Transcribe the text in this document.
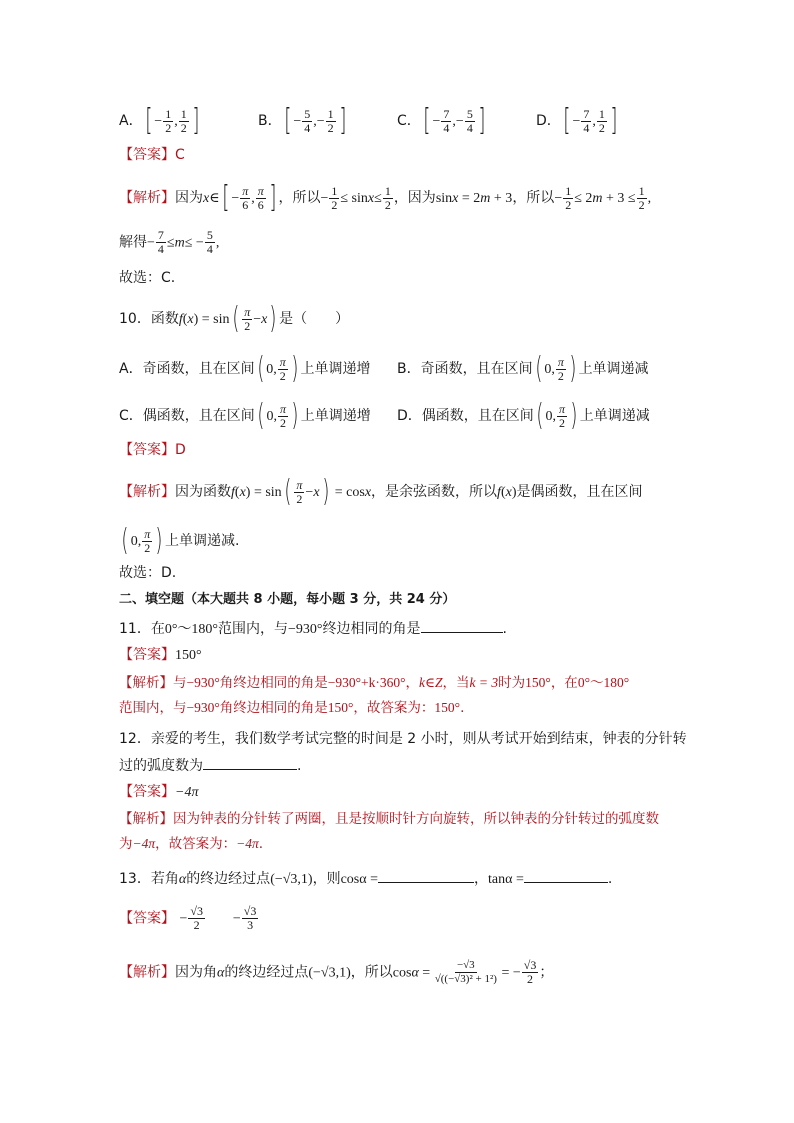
A．[ − $\frac{1}{2}$ , $\frac{1}{2}$ ]	B．[ − $\frac{5}{4}$ ,− $\frac{1}{2}$ ]	C．[ − $\frac{7}{4}$ ,− $\frac{5}{4}$ ]	D．[ − $\frac{7}{4}$ , $\frac{1}{2}$ ]
【答案】C
【解析】因为x∈[ − $\frac{\pi}{6}$ , $\frac{\pi}{6}$ ] ，所以− $\frac{1}{2} \le \sin x\le \frac{1}{2}$ ，因为sinx = 2m + 3，所以− $\frac{1}{2} \le 2m + 3 \le \frac{1}{2}$ ,
解得− $\frac{7}{4} \le m\le - \frac{5}{4}$ ,
故选：C.
10．函数$f(x) = \sin( \frac{\pi}{2} -x)$ 是（　　）
A．奇函数，且在区间( 0, $\frac{\pi}{2}$ ) 上单调递增 B．奇函数，且在区间( 0, $\frac{\pi}{2}$ ) 上单调递减
C．偶函数，且在区间( 0, $\frac{\pi}{2}$ ) 上单调递增 D．偶函数，且在区间( 0, $\frac{\pi}{2}$ ) 上单调递减
【答案】D
【解析】因为函数$f(x) = \sin( \frac{\pi}{2} -x) = \cos x$，是余弦函数，所以f(x)是偶函数，且在区间
( 0, $\frac{\pi}{2}$ ) 上单调递减.
故选：D.
二、填空题（本大题共 8 小题，每小题 3 分，共 24 分）
11．在0°～180°范围内，与−930°终边相同的角是	.
【答案】150°
【解析】与−930°角终边相同的角是−930°+k·360°，k∈Z，当k = 3时为150°，在0°～180°
范围内，与−930°角终边相同的角是150°，故答案为：150°.
12．亲爱的考生，我们数学考试完整的时间是 2 小时，则从考试开始到结束，钟表的分针转
过的弧度数为	.
【答案】−4π
【解析】因为钟表的分针转了两圈，且是按顺时针方向旋转，所以钟表的分针转过的弧度数
为−4π，故答案为：−4π.
13．若角α的终边经过点(−√3,1)，则cosα =	，tanα =	.
【答案】 − $\frac{√3}{2} - \frac{√3}{3}$
【解析】因为角α的终边经过点(−√3,1)，所以$\cos\alpha = \frac{-√3}{\text{√((−√3)² + 1²)}}$ = − $\frac{√3}{2}$ ；
